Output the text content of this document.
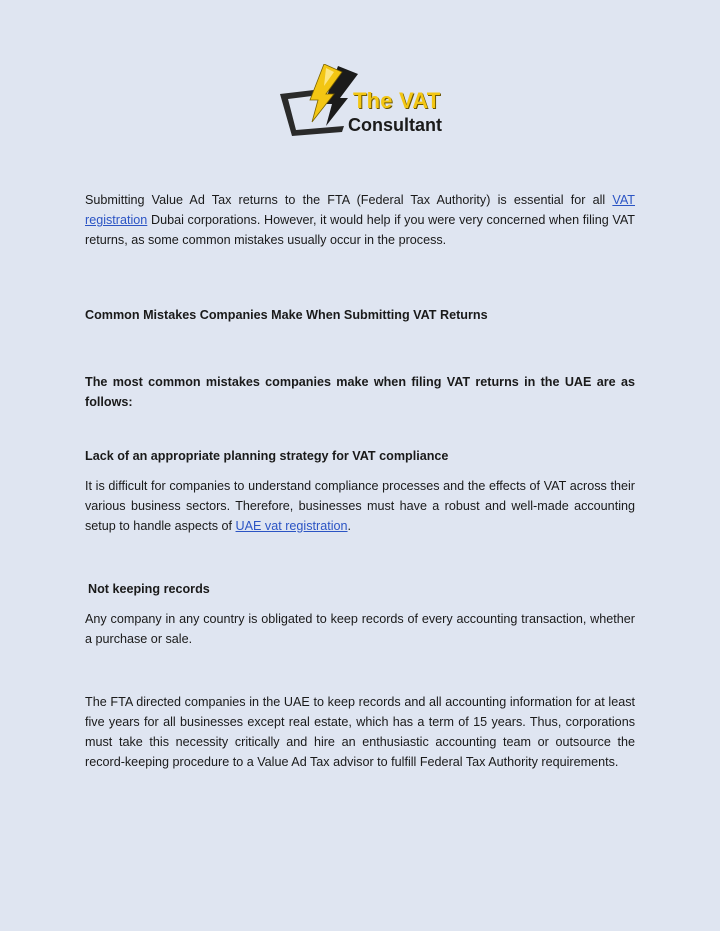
The VAT
Consultant

Submitting Value Ad Tax returns to the FTA (Federal Tax Authority) is essential for all VAT registration Dubai corporations. However, it would help if you were very concerned when filing VAT returns, as some common mistakes usually occur in the process.

Common Mistakes Companies Make When Submitting VAT Returns

The most common mistakes companies make when filing VAT returns in the UAE are as follows:

Lack of an appropriate planning strategy for VAT compliance

It is difficult for companies to understand compliance processes and the effects of VAT across their various business sectors. Therefore, businesses must have a robust and well-made accounting setup to handle aspects of UAE vat registration.

Not keeping records

Any company in any country is obligated to keep records of every accounting transaction, whether a purchase or sale.

The FTA directed companies in the UAE to keep records and all accounting information for at least five years for all businesses except real estate, which has a term of 15 years. Thus, corporations must take this necessity critically and hire an enthusiastic accounting team or outsource the record-keeping procedure to a Value Ad Tax advisor to fulfill Federal Tax Authority requirements.
